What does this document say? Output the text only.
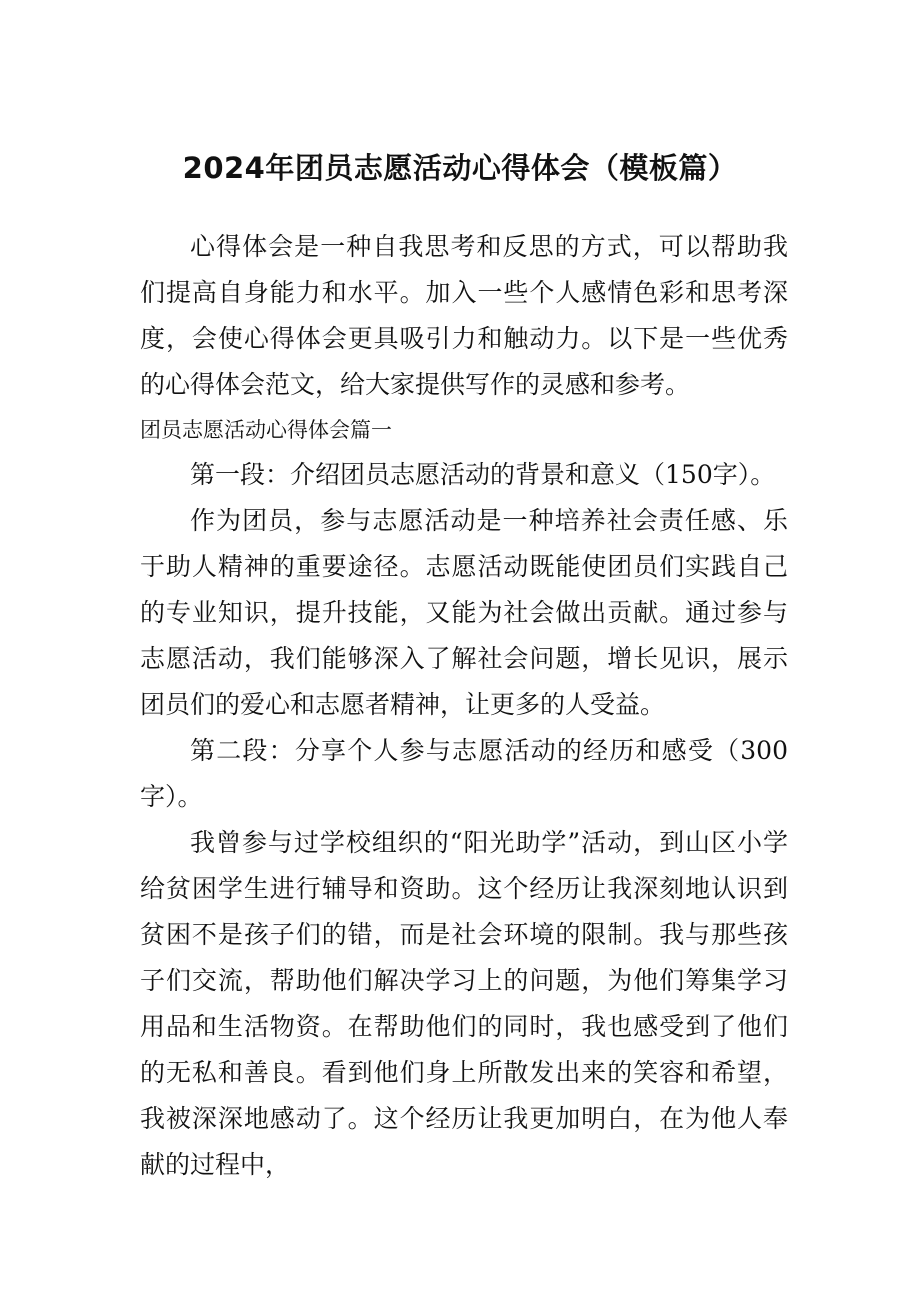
2024年团员志愿活动心得体会（模板篇）

心得体会是一种自我思考和反思的方式，可以帮助我们提高自身能力和水平。加入一些个人感情色彩和思考深度，会使心得体会更具吸引力和触动力。以下是一些优秀的心得体会范文，给大家提供写作的灵感和参考。

团员志愿活动心得体会篇一

第一段：介绍团员志愿活动的背景和意义（150字）。

作为团员，参与志愿活动是一种培养社会责任感、乐于助人精神的重要途径。志愿活动既能使团员们实践自己的专业知识，提升技能，又能为社会做出贡献。通过参与志愿活动，我们能够深入了解社会问题，增长见识，展示团员们的爱心和志愿者精神，让更多的人受益。

第二段：分享个人参与志愿活动的经历和感受（300字）。

我曾参与过学校组织的“阳光助学”活动，到山区小学给贫困学生进行辅导和资助。这个经历让我深刻地认识到贫困不是孩子们的错，而是社会环境的限制。我与那些孩子们交流，帮助他们解决学习上的问题，为他们筹集学习用品和生活物资。在帮助他们的同时，我也感受到了他们的无私和善良。看到他们身上所散发出来的笑容和希望，我被深深地感动了。这个经历让我更加明白，在为他人奉献的过程中，
